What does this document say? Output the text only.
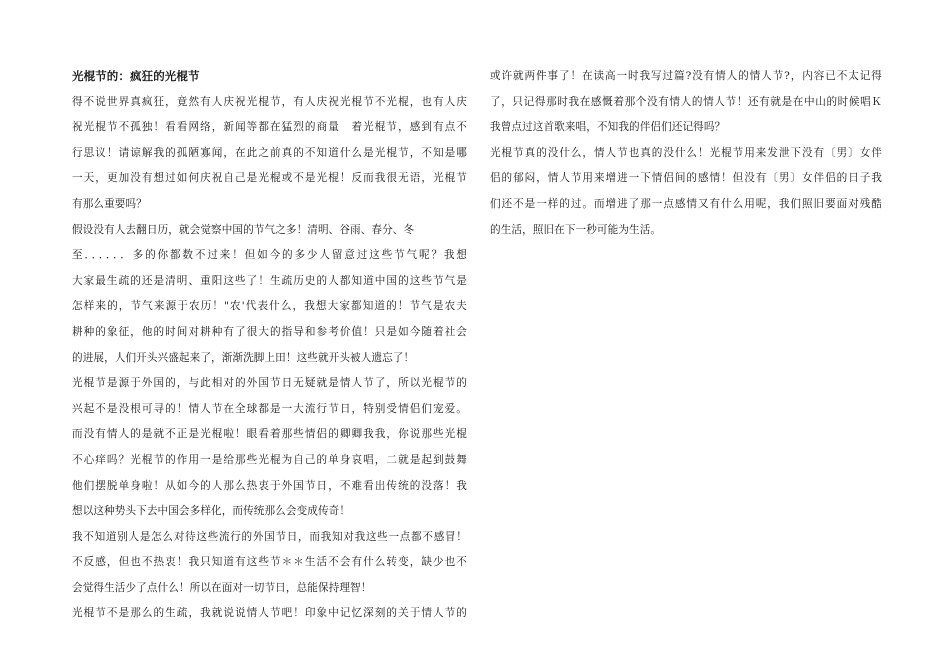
光棍节的：疯狂的光棍节
得不说世界真疯狂，竟然有人庆祝光棍节，有人庆祝光棍节不光棍，也有人庆
祝光棍节不孤独！看看网络，新闻等都在猛烈的商量　着光棍节，感到有点不
行思议！请谅解我的孤陋寡闻，在此之前真的不知道什么是光棍节，不知是哪
一天，更加没有想过如何庆祝自己是光棍或不是光棍！反而我很无语，光棍节
有那么重要吗？
假设没有人去翻日历，就会觉察中国的节气之多！清明、谷雨、春分、冬
至．．．．．．多的你都数不过来！但如今的多少人留意过这些节气呢？我想
大家最生疏的还是清明、重阳这些了！生疏历史的人都知道中国的这些节气是
怎样来的，节气来源于农历！"农'代表什么，我想大家都知道的！节气是农夫
耕种的象征，他的时间对耕种有了很大的指导和参考价值！只是如今随着社会
的进展，人们开头兴盛起来了，渐渐洗脚上田！这些就开头被人遗忘了！
光棍节是源于外国的，与此相对的外国节日无疑就是情人节了，所以光棍节的
兴起不是没根可寻的！情人节在全球都是一大流行节日，特别受情侣们宠爱。
而没有情人的是就不正是光棍啦！眼看着那些情侣的卿卿我我，你说那些光棍
不心痒吗？光棍节的作用一是给那些光棍为自己的单身哀唱，二就是起到鼓舞
他们摆脱单身啦！从如今的人那么热衷于外国节日，不难看出传统的没落！我
想以这种势头下去中国会多样化，而传统那么会变成传奇！
我不知道别人是怎么对待这些流行的外国节日，而我知对我这些一点都不感冒！
不反感，但也不热衷！我只知道有这些节＊＊生活不会有什么转变，缺少也不
会觉得生活少了点什么！所以在面对一切节日，总能保持理智！
光棍节不是那么的生疏，我就说说情人节吧！印象中记忆深刻的关于情人节的
或许就两件事了！在读高一时我写过篇?没有情人的情人节?，内容已不太记得
了，只记得那时我在感慨着那个没有情人的情人节！还有就是在中山的时候唱Ｋ
我曾点过这首歌来唱，不知我的伴侣们还记得吗？
光棍节真的没什么，情人节也真的没什么！光棍节用来发泄下没有〔男〕女伴
侣的郁闷，情人节用来增进一下情侣间的感情！但没有〔男〕女伴侣的日子我
们还不是一样的过。而增进了那一点感情又有什么用呢，我们照旧要面对残酷
的生活，照旧在下一秒可能为生活。
